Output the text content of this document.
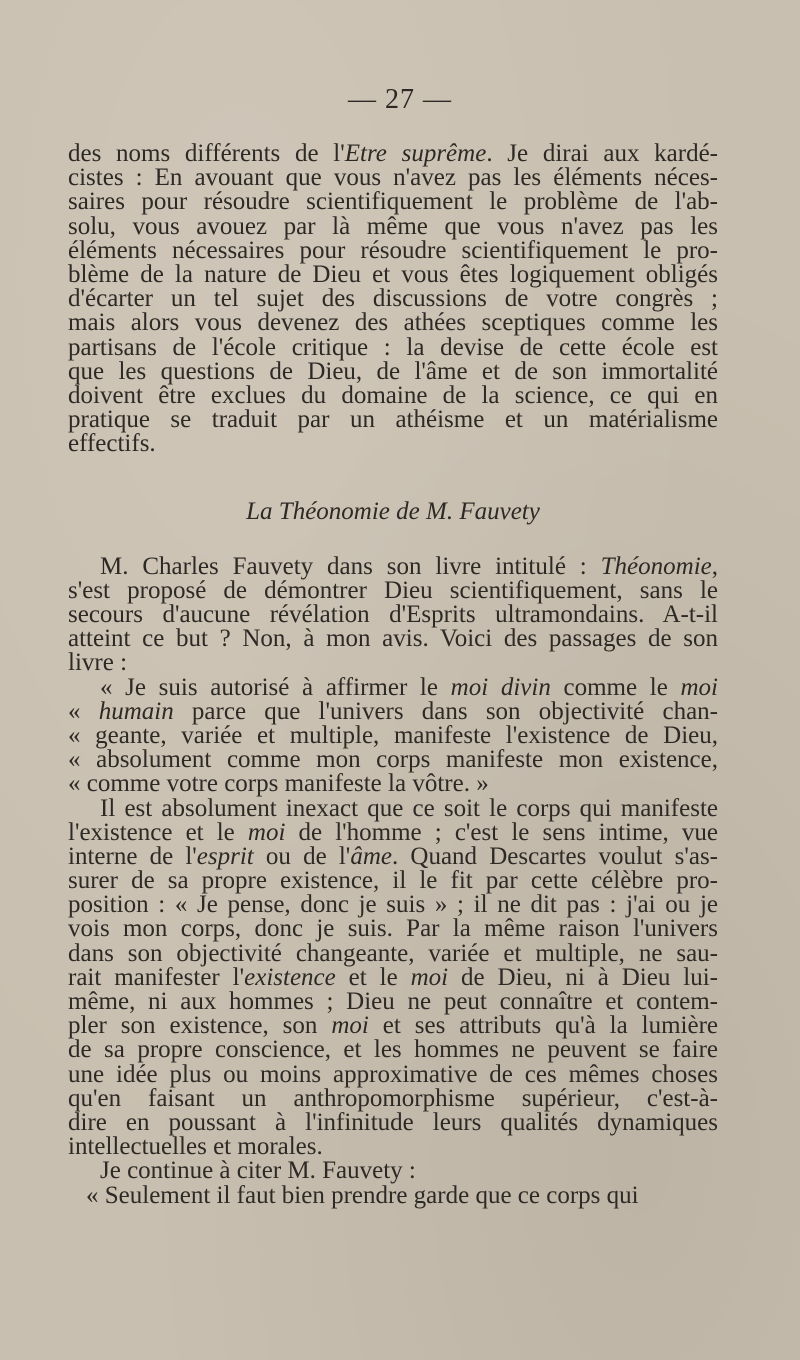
— 27 —
des noms différents de l'Etre suprême. Je dirai aux kardé-
cistes : En avouant que vous n'avez pas les éléments néces-
saires pour résoudre scientifiquement le problème de l'ab-
solu, vous avouez par là même que vous n'avez pas les
éléments nécessaires pour résoudre scientifiquement le pro-
blème de la nature de Dieu et vous êtes logiquement obligés
d'écarter un tel sujet des discussions de votre congrès ;
mais alors vous devenez des athées sceptiques comme les
partisans de l'école critique : la devise de cette école est
que les questions de Dieu, de l'âme et de son immortalité
doivent être exclues du domaine de la science, ce qui en
pratique se traduit par un athéisme et un matérialisme
effectifs.
La Théonomie de M. Fauvety
M. Charles Fauvety dans son livre intitulé : Théonomie,
s'est proposé de démontrer Dieu scientifiquement, sans le
secours d'aucune révélation d'Esprits ultramondains. A-t-il
atteint ce but ? Non, à mon avis. Voici des passages de son
livre :
« Je suis autorisé à affirmer le moi divin comme le moi
« humain parce que l'univers dans son objectivité chan-
« geante, variée et multiple, manifeste l'existence de Dieu,
« absolument comme mon corps manifeste mon existence,
« comme votre corps manifeste la vôtre. »
Il est absolument inexact que ce soit le corps qui manifeste
l'existence et le moi de l'homme ; c'est le sens intime, vue
interne de l'esprit ou de l'âme. Quand Descartes voulut s'as-
surer de sa propre existence, il le fit par cette célèbre pro-
position : « Je pense, donc je suis » ; il ne dit pas : j'ai ou je
vois mon corps, donc je suis. Par la même raison l'univers
dans son objectivité changeante, variée et multiple, ne sau-
rait manifester l'existence et le moi de Dieu, ni à Dieu lui-
même, ni aux hommes ; Dieu ne peut connaître et contem-
pler son existence, son moi et ses attributs qu'à la lumière
de sa propre conscience, et les hommes ne peuvent se faire
une idée plus ou moins approximative de ces mêmes choses
qu'en faisant un anthropomorphisme supérieur, c'est-à-
dire en poussant à l'infinitude leurs qualités dynamiques
intellectuelles et morales.
Je continue à citer M. Fauvety :
« Seulement il faut bien prendre garde que ce corps qui
